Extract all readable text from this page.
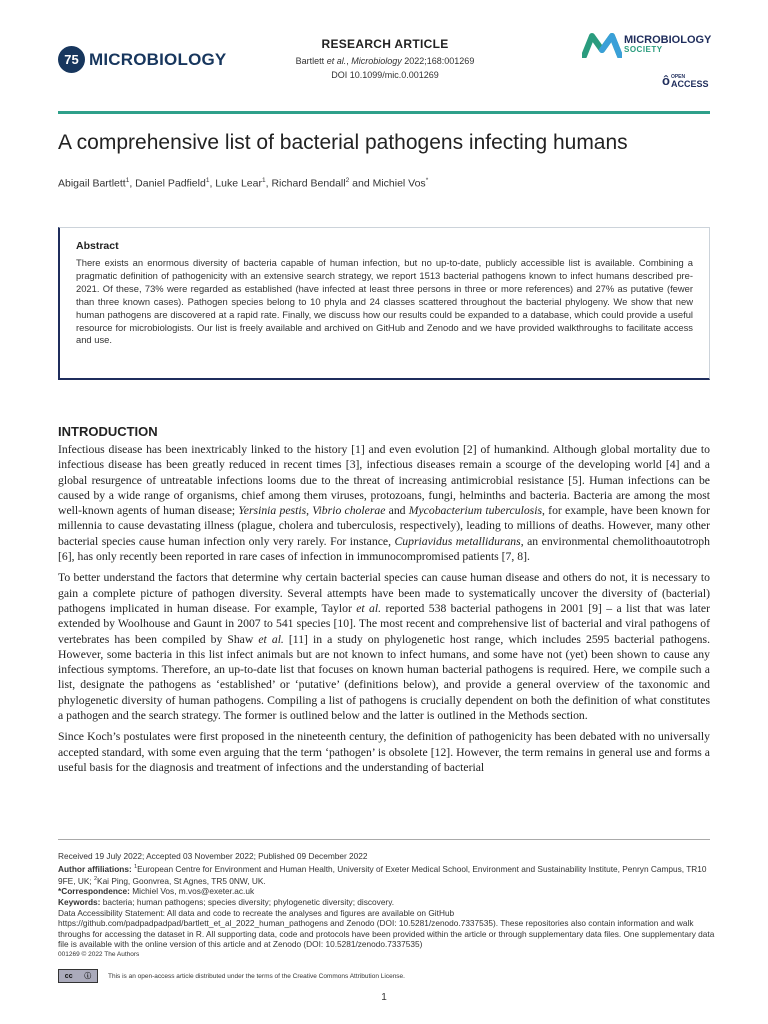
75 MICROBIOLOGY
RESEARCH ARTICLE
Bartlett et al., Microbiology 2022;168:001269
DOI 10.1099/mic.0.001269
MICROBIOLOGY
SOCIETY
ô OPEN
ACCESS
A comprehensive list of bacterial pathogens infecting humans
Abigail Bartlett$^1$, Daniel Padfield$^1$, Luke Lear$^1$, Richard Bendall$^2$ and Michiel Vos*
Abstract
There exists an enormous diversity of bacteria capable of human infection, but no up-to-date, publicly accessible list is available. Combining a pragmatic definition of pathogenicity with an extensive search strategy, we report 1513 bacterial pathogens known to infect humans described pre-2021. Of these, 73% were regarded as established (have infected at least three persons in three or more references) and 27% as putative (fewer than three known cases). Pathogen species belong to 10 phyla and 24 classes scattered throughout the bacterial phylogeny. We show that new human pathogens are discovered at a rapid rate. Finally, we discuss how our results could be expanded to a database, which could provide a useful resource for microbiologists. Our list is freely available and archived on GitHub and Zenodo and we have provided walkthroughs to facilitate access and use.
INTRODUCTION

Infectious disease has been inextricably linked to the history [1] and even evolution [2] of humankind. Although global mortality due to infectious disease has been greatly reduced in recent times [3], infectious diseases remain a scourge of the developing world [4] and a global resurgence of untreatable infections looms due to the threat of increasing antimicrobial resistance [5]. Human infections can be caused by a wide range of organisms, chief among them viruses, protozoans, fungi, helminths and bacteria. Bacteria are among the most well-known agents of human disease; Yersinia pestis, Vibrio cholerae and Mycobacterium tuberculosis, for example, have been known for millennia to cause devastating illness (plague, cholera and tuberculosis, respectively), leading to millions of deaths. However, many other bacterial species cause human infection only very rarely. For instance, Cupriavidus metallidurans, an environmental chemolithoautotroph [6], has only recently been reported in rare cases of infection in immunocompromised patients [7, 8].

To better understand the factors that determine why certain bacterial species can cause human disease and others do not, it is necessary to gain a complete picture of pathogen diversity. Several attempts have been made to systematically uncover the diversity of (bacterial) pathogens implicated in human disease. For example, Taylor et al. reported 538 bacterial pathogens in 2001 [9] – a list that was later extended by Woolhouse and Gaunt in 2007 to 541 species [10]. The most recent and comprehensive list of bacterial and viral pathogens of vertebrates has been compiled by Shaw et al. [11] in a study on phylogenetic host range, which includes 2595 bacterial pathogens. However, some bacteria in this list infect animals but are not known to infect humans, and some have not (yet) been shown to cause any infectious symptoms. Therefore, an up-to-date list that focuses on known human bacterial pathogens is required. Here, we compile such a list, designate the pathogens as ‘established’ or ‘putative’ (definitions below), and provide a general overview of the taxonomic and phylogenetic diversity of human pathogens. Compiling a list of pathogens is crucially dependent on both the definition of what constitutes a pathogen and the search strategy. The former is outlined below and the latter is outlined in the Methods section.

Since Koch’s postulates were first proposed in the nineteenth century, the definition of pathogenicity has been debated with no universally accepted standard, with some even arguing that the term ‘pathogen’ is obsolete [12]. However, the term remains in general use and forms a useful basis for the diagnosis and treatment of infections and the understanding of bacterial

Received 19 July 2022; Accepted 03 November 2022; Published 09 December 2022
Author affiliations: $^1$European Centre for Environment and Human Health, University of Exeter Medical School, Environment and Sustainability Institute, Penryn Campus, TR10 9FE, UK; $^2$Kai Ping, Goonvrea, St Agnes, TR5 0NW, UK.
*Correspondence: Michiel Vos, m.vos@exeter.ac.uk
Keywords: bacteria; human pathogens; species diversity; phylogenetic diversity; discovery.
Data Accessibility Statement: All data and code to recreate the analyses and figures are available on GitHub https://github.com/padpadpadpad/bartlett_et_al_2022_human_pathogens and Zenodo (DOI: 10.5281/zenodo.7337535). These repositories also contain information and walk throughs for accessing the dataset in R. All supporting data, code and protocols have been provided within the article or through supplementary data files. One supplementary data file is available with the online version of this article and at Zenodo (DOI: 10.5281/zenodo.7337535)
001269 © 2022 The Authors
cc ⓘ	This is an open-access article distributed under the terms of the Creative Commons Attribution License.
1
